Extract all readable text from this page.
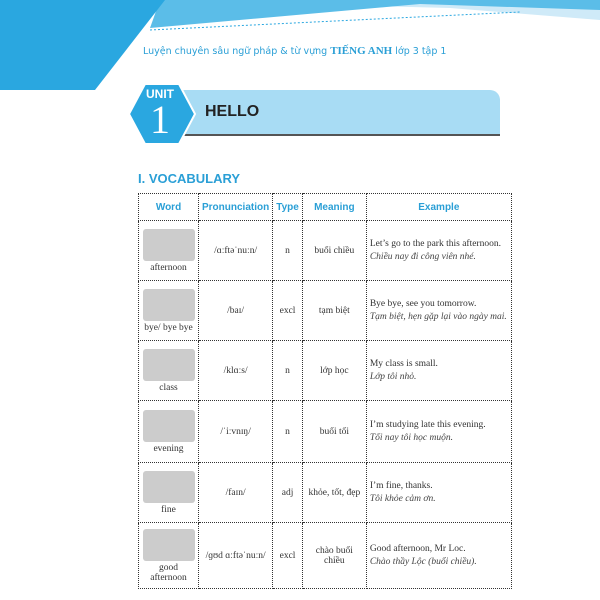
Luyện chuyên sâu ngữ pháp & từ vựng TIẾNG ANH lớp 3 tập 1
UNIT
1 HELLO
I. VOCABULARY
Word	Pronunciation	Type	Meaning	Example

afternoon	/ɑːftəˈnuːn/	n	buổi chiều	Let’s go to the park this afternoon.
Chiều nay đi công viên nhé.

bye/ bye bye	/baɪ/	excl	tạm biệt	Bye bye, see you tomorrow.
Tạm biệt, hẹn gặp lại vào ngày mai.

class	/klɑːs/	n	lớp học	My class is small.
Lớp tôi nhỏ.

evening	/ˈiːvnɪŋ/	n	buổi tối	I’m studying late this evening.
Tối nay tôi học muộn.

fine	/faɪn/	adj	khỏe, tốt, đẹp	I’m fine, thanks.
Tôi khỏe cảm ơn.

good afternoon	/ɡʊd ɑːftəˈnuːn/	excl	chào buổi chiều	Good afternoon, Mr Loc.
Chào thầy Lộc (buổi chiều).
